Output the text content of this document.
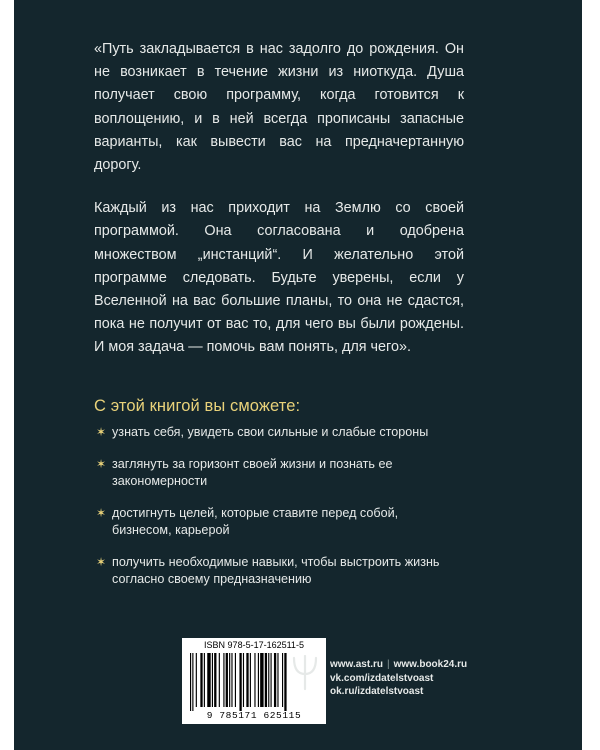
«Путь закладывается в нас задолго до рождения. Он не возникает в течение жизни из ниоткуда. Душа получает свою программу, когда готовится к воплощению, и в ней всегда прописаны запасные варианты, как вывести вас на предначертанную дорогу.

Каждый из нас приходит на Землю со своей программой. Она согласована и одобрена множеством „инстанций“. И желательно этой программе следовать. Будьте уверены, если у Вселенной на вас большие планы, то она не сдастся, пока не получит от вас то, для чего вы были рождены. И моя задача — помочь вам понять, для чего».

С этой книгой вы сможете:
✶ узнать себя, увидеть свои сильные и слабые стороны
✶ заглянуть за горизонт своей жизни и познать ее закономерности
✶ достигнуть целей, которые ставите перед собой, бизнесом, карьерой
✶ получить необходимые навыки, чтобы выстроить жизнь согласно своему предназначению
ISBN 978-5-17-162511-5
9 785171 625115
www.ast.ru | www.book24.ru
vk.com/izdatelstvoast
ok.ru/izdatelstvoast
